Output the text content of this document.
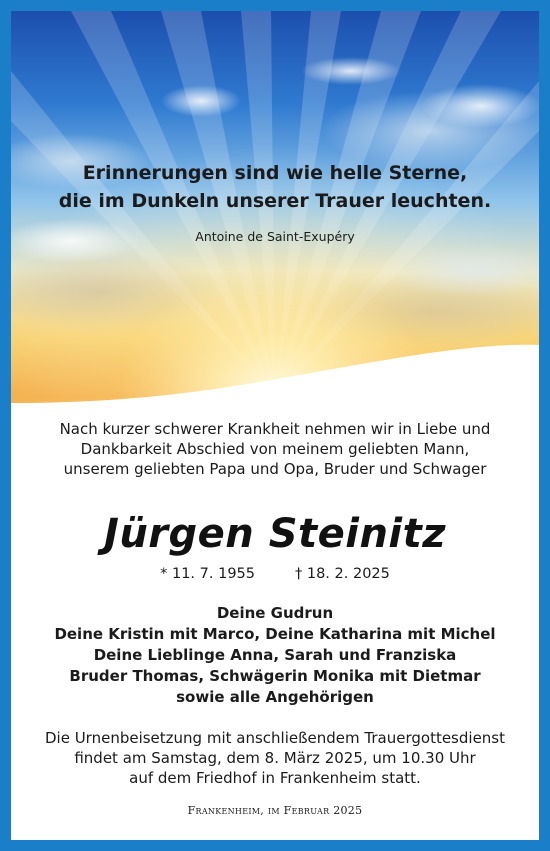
Erinnerungen sind wie helle Sterne,
die im Dunkeln unserer Trauer leuchten.
Antoine de Saint-Exupéry
Nach kurzer schwerer Krankheit nehmen wir in Liebe und
Dankbarkeit Abschied von meinem geliebten Mann,
unserem geliebten Papa und Opa, Bruder und Schwager
Jürgen Steinitz
* 11. 7. 1955	† 18. 2. 2025
Deine Gudrun
Deine Kristin mit Marco, Deine Katharina mit Michel
Deine Lieblinge Anna, Sarah und Franziska
Bruder Thomas, Schwägerin Monika mit Dietmar
sowie alle Angehörigen
Die Urnenbeisetzung mit anschließendem Trauergottesdienst
findet am Samstag, dem 8. März 2025, um 10.30 Uhr
auf dem Friedhof in Frankenheim statt.
Frankenheim, im Februar 2025
